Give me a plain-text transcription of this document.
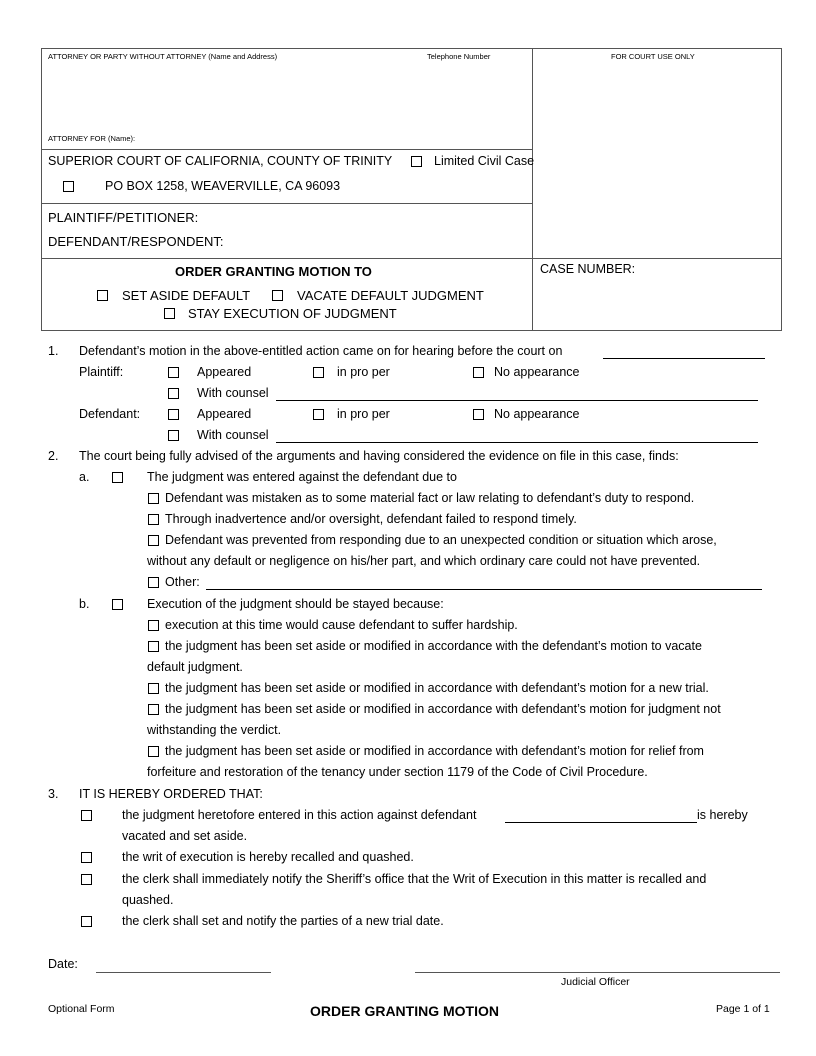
ATTORNEY OR PARTY WITHOUT ATTORNEY (Name and Address)	Telephone Number	FOR COURT USE ONLY
ATTORNEY FOR (Name):
SUPERIOR COURT OF CALIFORNIA, COUNTY OF TRINITY	Limited Civil Case
PO BOX 1258, WEAVERVILLE, CA 96093
PLAINTIFF/PETITIONER:
DEFENDANT/RESPONDENT:
CASE NUMBER:
ORDER GRANTING MOTION TO
SET ASIDE DEFAULT	VACATE DEFAULT JUDGMENT
STAY EXECUTION OF JUDGMENT
1. Defendant’s motion in the above-entitled action came on for hearing before the court on
Plaintiff:	Appeared	in pro per	No appearance
With counsel
Defendant:	Appeared	in pro per	No appearance
With counsel
2. The court being fully advised of the arguments and having considered the evidence on file in this case, finds:
a.	The judgment was entered against the defendant due to
Defendant was mistaken as to some material fact or law relating to defendant’s duty to respond.
Through inadvertence and/or oversight, defendant failed to respond timely.
Defendant was prevented from responding due to an unexpected condition or situation which arose,
without any default or negligence on his/her part, and which ordinary care could not have prevented.
Other:
b.	Execution of the judgment should be stayed because:
execution at this time would cause defendant to suffer hardship.
the judgment has been set aside or modified in accordance with the defendant’s motion to vacate
default judgment.
the judgment has been set aside or modified in accordance with defendant’s motion for a new trial.
the judgment has been set aside or modified in accordance with defendant’s motion for judgment not
withstanding the verdict.
the judgment has been set aside or modified in accordance with defendant’s motion for relief from
forfeiture and restoration of the tenancy under section 1179 of the Code of Civil Procedure.
3. IT IS HEREBY ORDERED THAT:
the judgment heretofore entered in this action against defendant	is hereby
vacated and set aside.
the writ of execution is hereby recalled and quashed.
the clerk shall immediately notify the Sheriff’s office that the Writ of Execution in this matter is recalled and
quashed.
the clerk shall set and notify the parties of a new trial date.
Date:
Judicial Officer
Optional Form	ORDER GRANTING MOTION	Page 1 of 1
